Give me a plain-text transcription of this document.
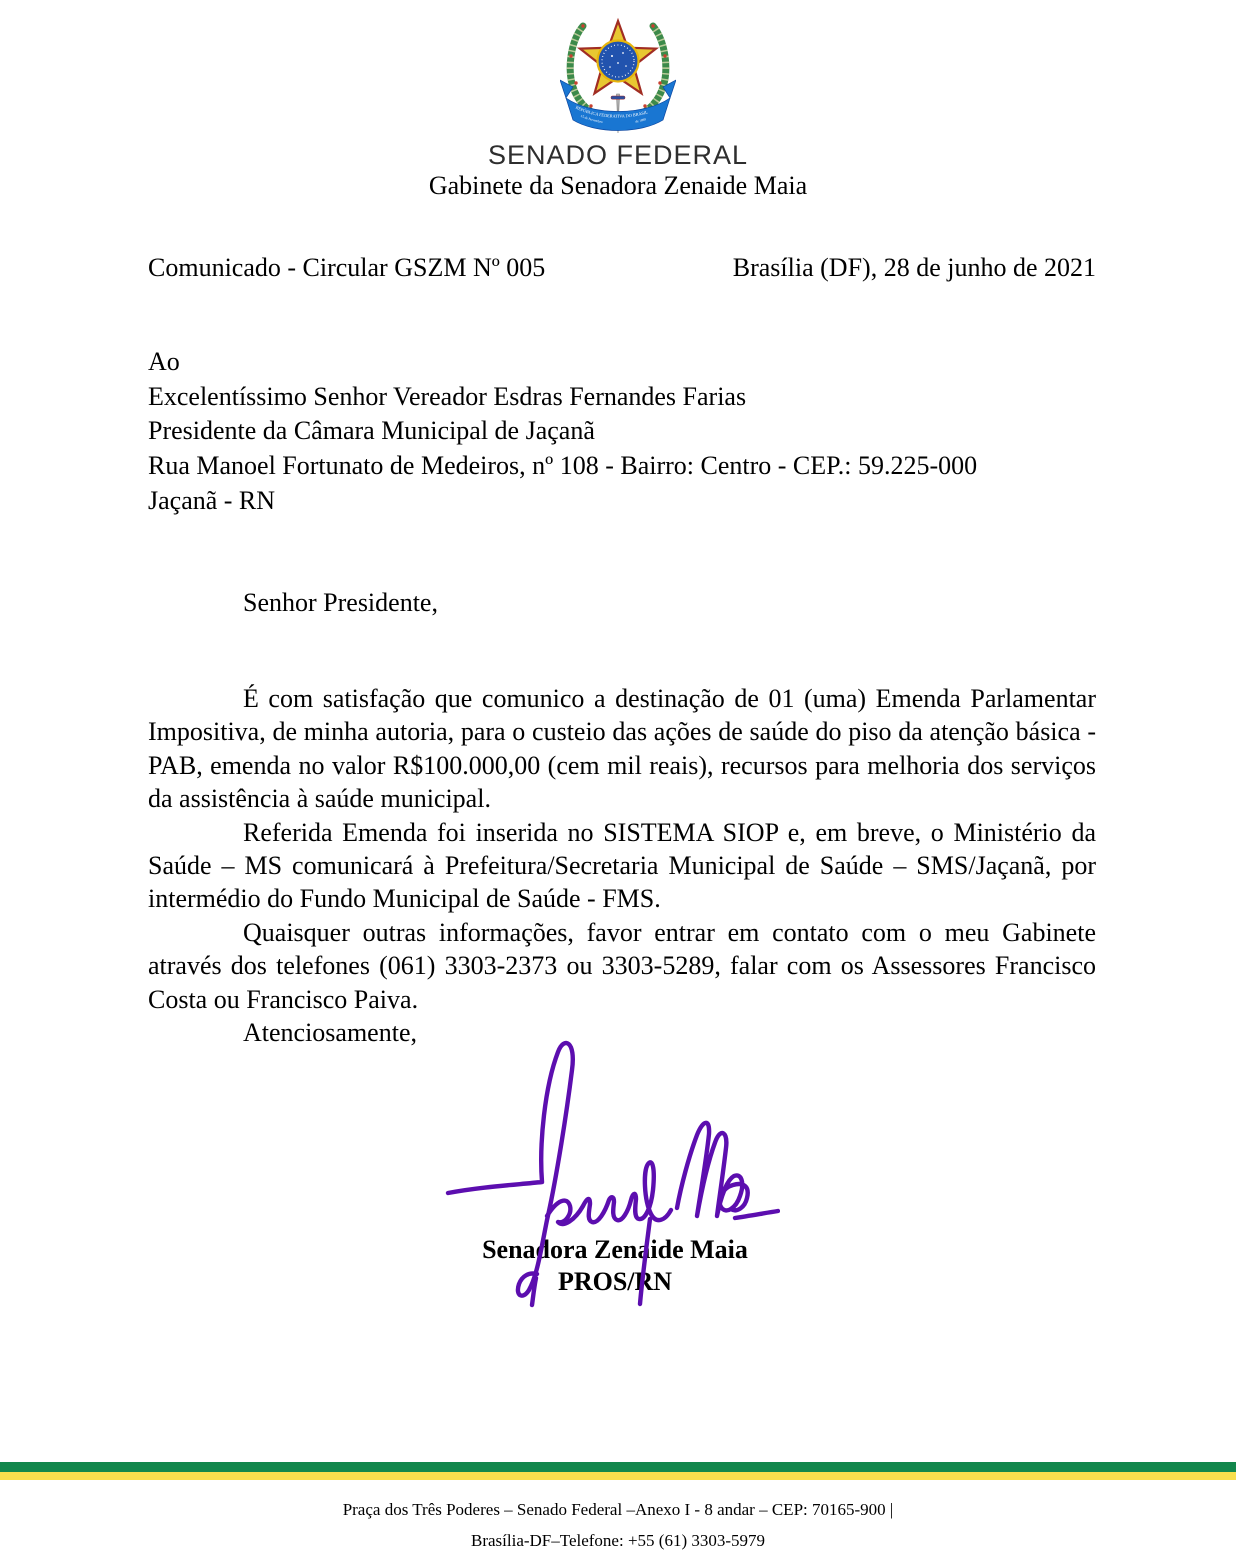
REPÚBLICA FEDERATIVA DO BRASIL
15 de Novembro	de 1889
SENADO FEDERAL
Gabinete da Senadora Zenaide Maia
Comunicado - Circular GSZM Nº 005	Brasília (DF), 28 de junho de 2021
Ao
Excelentíssimo Senhor Vereador Esdras Fernandes Farias
Presidente da Câmara Municipal de Jaçanã
Rua Manoel Fortunato de Medeiros, nº 108 - Bairro: Centro - CEP.: 59.225-000
Jaçanã - RN
Senhor Presidente,

É com satisfação que comunico a destinação de 01 (uma) Emenda Parlamentar Impositiva, de minha autoria, para o custeio das ações de saúde do piso da atenção básica - PAB, emenda no valor R$100.000,00 (cem mil reais), recursos para melhoria dos serviços da assistência à saúde municipal.

Referida Emenda foi inserida no SISTEMA SIOP e, em breve, o Ministério da Saúde – MS comunicará à Prefeitura/Secretaria Municipal de Saúde – SMS/Jaçanã, por intermédio do Fundo Municipal de Saúde - FMS.

Quaisquer outras informações, favor entrar em contato com o meu Gabinete através dos telefones (061) 3303-2373 ou 3303-5289, falar com os Assessores Francisco Costa ou Francisco Paiva.

Atenciosamente,

Senadora Zenaide Maia
PROS/RN
Praça dos Três Poderes – Senado Federal –Anexo I - 8 andar – CEP: 70165-900 |
Brasília-DF–Telefone: +55 (61) 3303-5979
